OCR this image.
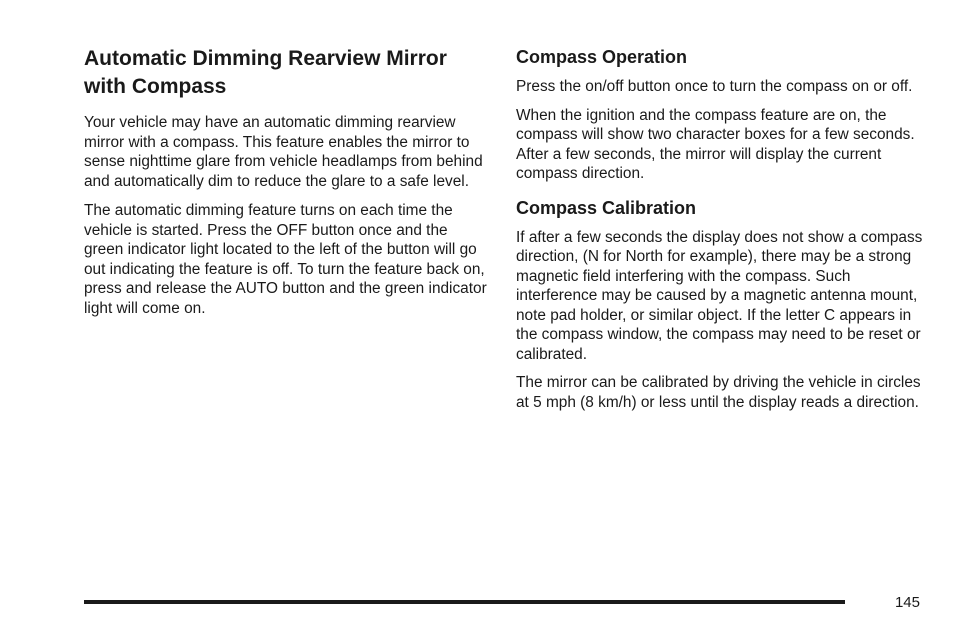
Automatic Dimming Rearview Mirror with Compass

Your vehicle may have an automatic dimming rearview mirror with a compass. This feature enables the mirror to sense nighttime glare from vehicle headlamps from behind and automatically dim to reduce the glare to a safe level.

The automatic dimming feature turns on each time the vehicle is started. Press the OFF button once and the green indicator light located to the left of the button will go out indicating the feature is off. To turn the feature back on, press and release the AUTO button and the green indicator light will come on.

Compass Operation

Press the on/off button once to turn the compass on or off.

When the ignition and the compass feature are on, the compass will show two character boxes for a few seconds. After a few seconds, the mirror will display the current compass direction.

Compass Calibration

If after a few seconds the display does not show a compass direction, (N for North for example), there may be a strong magnetic field interfering with the compass. Such interference may be caused by a magnetic antenna mount, note pad holder, or similar object. If the letter C appears in the compass window, the compass may need to be reset or calibrated.

The mirror can be calibrated by driving the vehicle in circles at 5 mph (8 km/h) or less until the display reads a direction.

145
